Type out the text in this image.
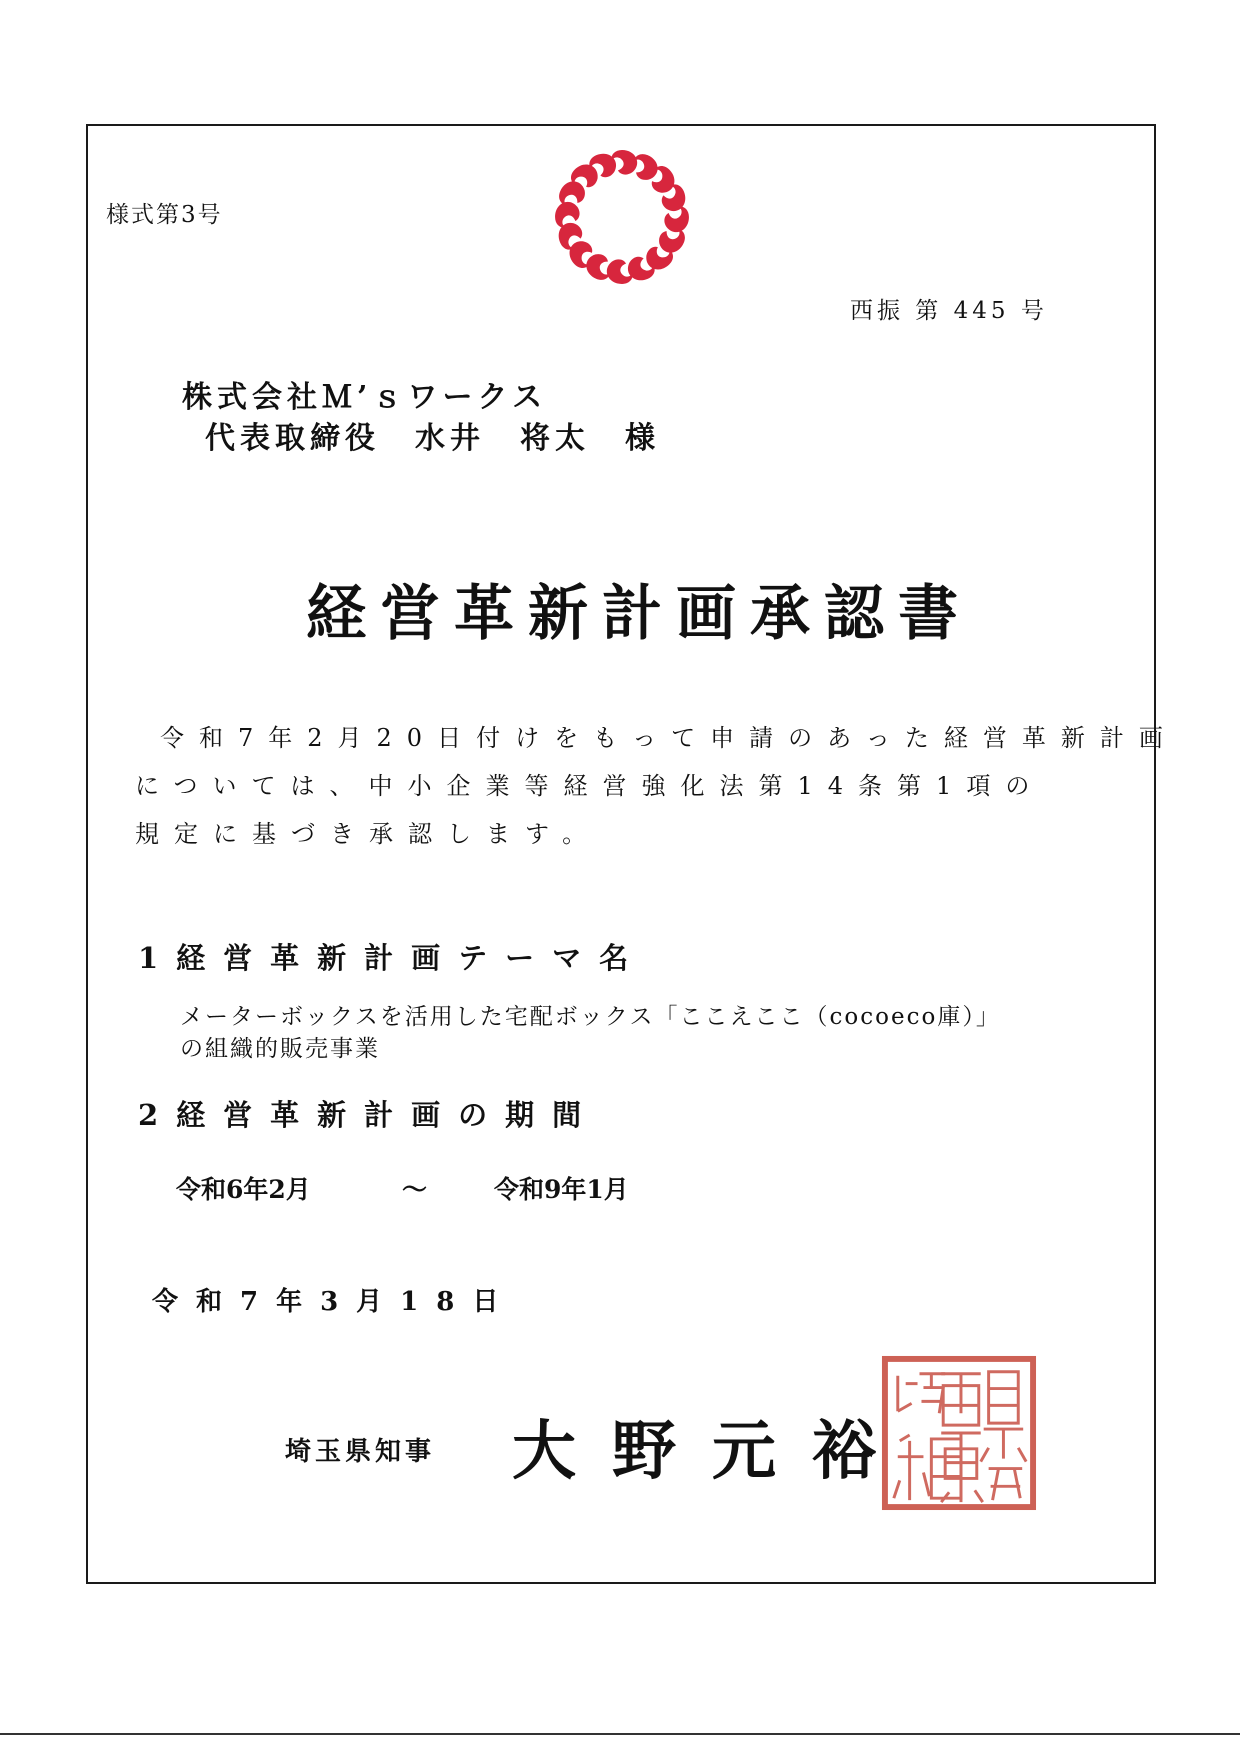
様式第3号

西振 第 445 号

株式会社Ｍ’ｓワークス

代表取締役　水井　将太　様

経営革新計画承認書

令和7年2月20日付けをもって申請のあった経営革新計画

については、中小企業等経営強化法第14条第1項の

規定に基づき承認します。

1経営革新計画テーマ名

メーターボックスを活用した宅配ボックス「ここえここ（cocoeco庫）」

の組織的販売事業

2経営革新計画の期間

令和6年2月	～	令和9年1月

令和7年3月18日

埼玉県知事 大野元裕
